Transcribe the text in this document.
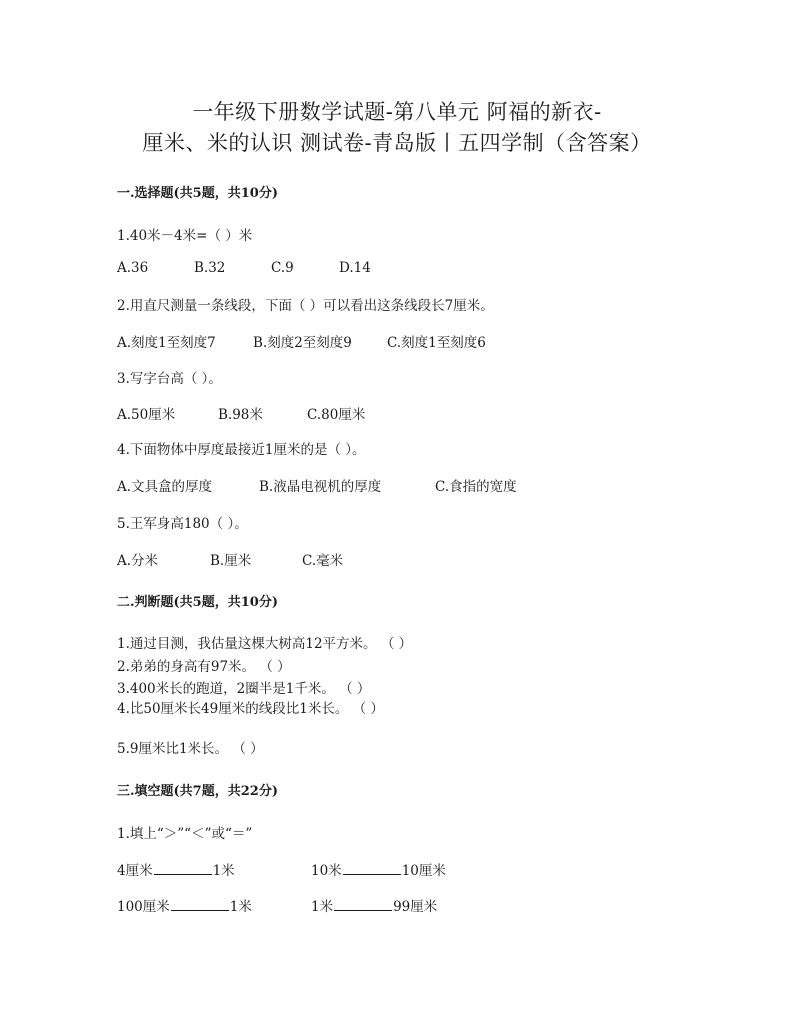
一年级下册数学试题-第八单元 阿福的新衣-
厘米、米的认识 测试卷-青岛版丨五四学制（含答案）
一.选择题(共5题，共10分)
1.40米－4米=（ ）米
A.36	B.32	C.9	D.14
2.用直尺测量一条线段，下面（ ）可以看出这条线段长7厘米。
A.刻度1至刻度7	B.刻度2至刻度9	C.刻度1至刻度6
3.写字台高（ ）。
A.50厘米	B.98米	C.80厘米
4.下面物体中厚度最接近1厘米的是（ ）。
A.文具盒的厚度	B.液晶电视机的厚度	C.食指的宽度
5.王军身高180（ ）。
A.分米	B.厘米	C.毫米
二.判断题(共5题，共10分)
1.通过目测，我估量这棵大树高12平方米。 （ ）
2.弟弟的身高有97米。 （ ）
3.400米长的跑道，2圈半是1千米。 （ ）
4.比50厘米长49厘米的线段比1米长。 （ ）
5.9厘米比1米长。 （ ）
三.填空题(共7题，共22分)
1.填上“＞”“＜”或“＝”
4厘米	1米	10米	10厘米
100厘米	1米	1米	99厘米
